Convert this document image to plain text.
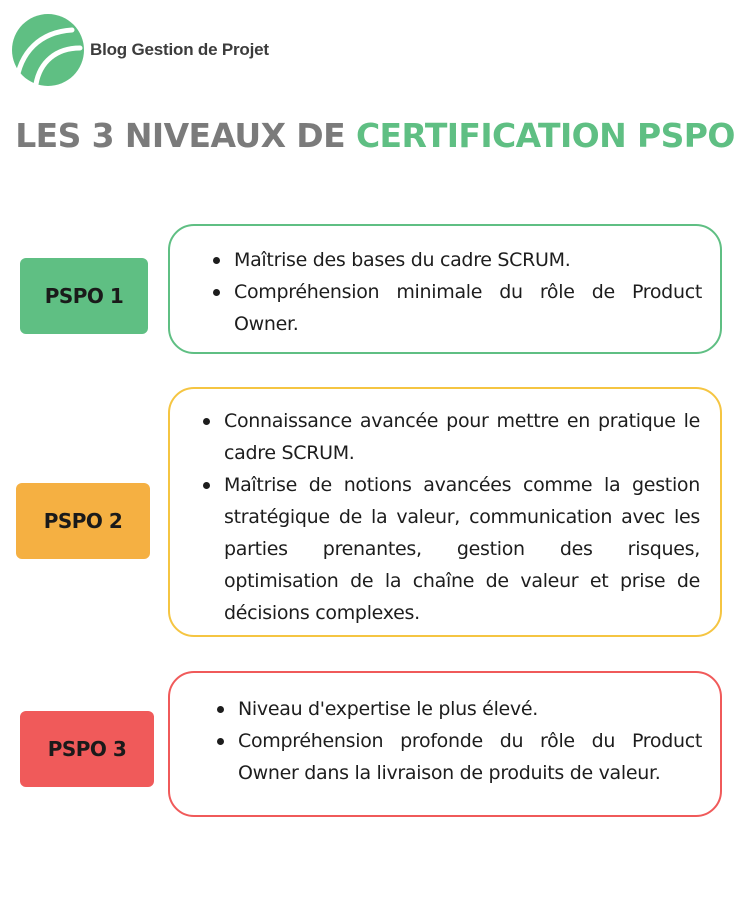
Blog Gestion de Projet
LES 3 NIVEAUX DE CERTIFICATION PSPO
PSPO 1
Maîtrise des bases du cadre SCRUM.
Compréhension minimale du rôle de Product Owner.
PSPO 2
Connaissance avancée pour mettre en pratique le cadre SCRUM.
Maîtrise de notions avancées comme la gestion stratégique de la valeur, communication avec les parties prenantes, gestion des risques, optimisation de la chaîne de valeur et prise de décisions complexes.
PSPO 3
Niveau d'expertise le plus élevé.
Compréhension profonde du rôle du Product Owner dans la livraison de produits de valeur.
